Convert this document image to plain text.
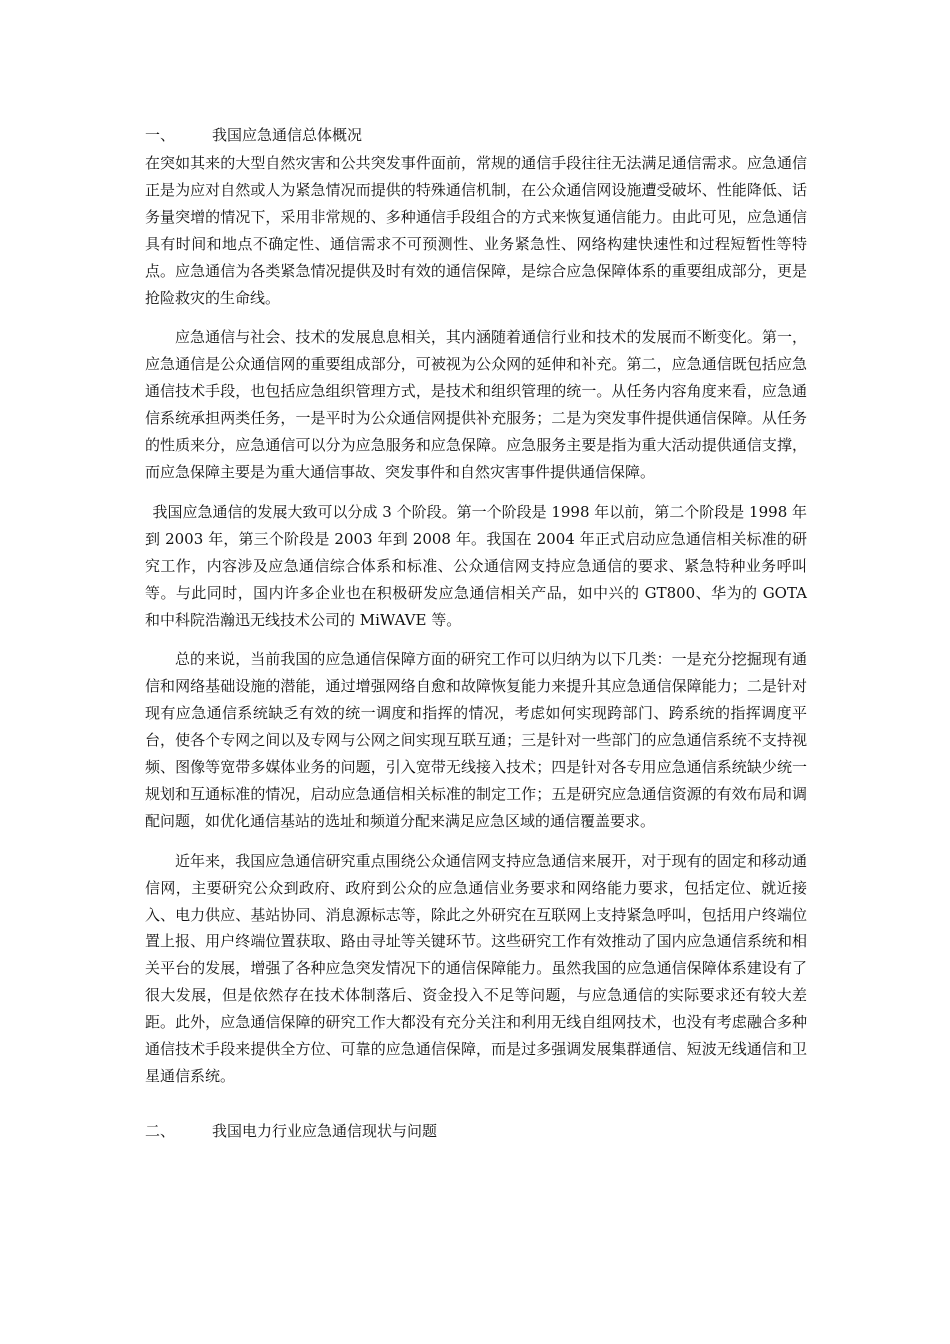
一、	我国应急通信总体概况

在突如其来的大型自然灾害和公共突发事件面前，常规的通信手段往往无法满足通信需求。应急通信正是为应对自然或人为紧急情况而提供的特殊通信机制，在公众通信网设施遭受破坏、性能降低、话务量突增的情况下，采用非常规的、多种通信手段组合的方式来恢复通信能力。由此可见，应急通信具有时间和地点不确定性、通信需求不可预测性、业务紧急性、网络构建快速性和过程短暂性等特点。应急通信为各类紧急情况提供及时有效的通信保障，是综合应急保障体系的重要组成部分，更是抢险救灾的生命线。

应急通信与社会、技术的发展息息相关，其内涵随着通信行业和技术的发展而不断变化。第一，应急通信是公众通信网的重要组成部分，可被视为公众网的延伸和补充。第二，应急通信既包括应急通信技术手段，也包括应急组织管理方式，是技术和组织管理的统一。从任务内容角度来看，应急通信系统承担两类任务，一是平时为公众通信网提供补充服务；二是为突发事件提供通信保障。从任务的性质来分，应急通信可以分为应急服务和应急保障。应急服务主要是指为重大活动提供通信支撑，而应急保障主要是为重大通信事故、突发事件和自然灾害事件提供通信保障。

我国应急通信的发展大致可以分成 3 个阶段。第一个阶段是 1998 年以前，第二个阶段是 1998 年到 2003 年，第三个阶段是 2003 年到 2008 年。我国在 2004 年正式启动应急通信相关标准的研究工作，内容涉及应急通信综合体系和标准、公众通信网支持应急通信的要求、紧急特种业务呼叫等。与此同时，国内许多企业也在积极研发应急通信相关产品，如中兴的 GT800、华为的 GOTA 和中科院浩瀚迅无线技术公司的 MiWAVE 等。

总的来说，当前我国的应急通信保障方面的研究工作可以归纳为以下几类：一是充分挖掘现有通信和网络基础设施的潜能，通过增强网络自愈和故障恢复能力来提升其应急通信保障能力；二是针对现有应急通信系统缺乏有效的统一调度和指挥的情况，考虑如何实现跨部门、跨系统的指挥调度平台，使各个专网之间以及专网与公网之间实现互联互通；三是针对一些部门的应急通信系统不支持视频、图像等宽带多媒体业务的问题，引入宽带无线接入技术；四是针对各专用应急通信系统缺少统一规划和互通标准的情况，启动应急通信相关标准的制定工作；五是研究应急通信资源的有效布局和调配问题，如优化通信基站的选址和频道分配来满足应急区域的通信覆盖要求。

近年来，我国应急通信研究重点围绕公众通信网支持应急通信来展开，对于现有的固定和移动通信网，主要研究公众到政府、政府到公众的应急通信业务要求和网络能力要求，包括定位、就近接入、电力供应、基站协同、消息源标志等，除此之外研究在互联网上支持紧急呼叫，包括用户终端位置上报、用户终端位置获取、路由寻址等关键环节。这些研究工作有效推动了国内应急通信系统和相关平台的发展，增强了各种应急突发情况下的通信保障能力。虽然我国的应急通信保障体系建设有了很大发展，但是依然存在技术体制落后、资金投入不足等问题，与应急通信的实际要求还有较大差距。此外，应急通信保障的研究工作大都没有充分关注和利用无线自组网技术，也没有考虑融合多种通信技术手段来提供全方位、可靠的应急通信保障，而是过多强调发展集群通信、短波无线通信和卫星通信系统。

二、	我国电力行业应急通信现状与问题
